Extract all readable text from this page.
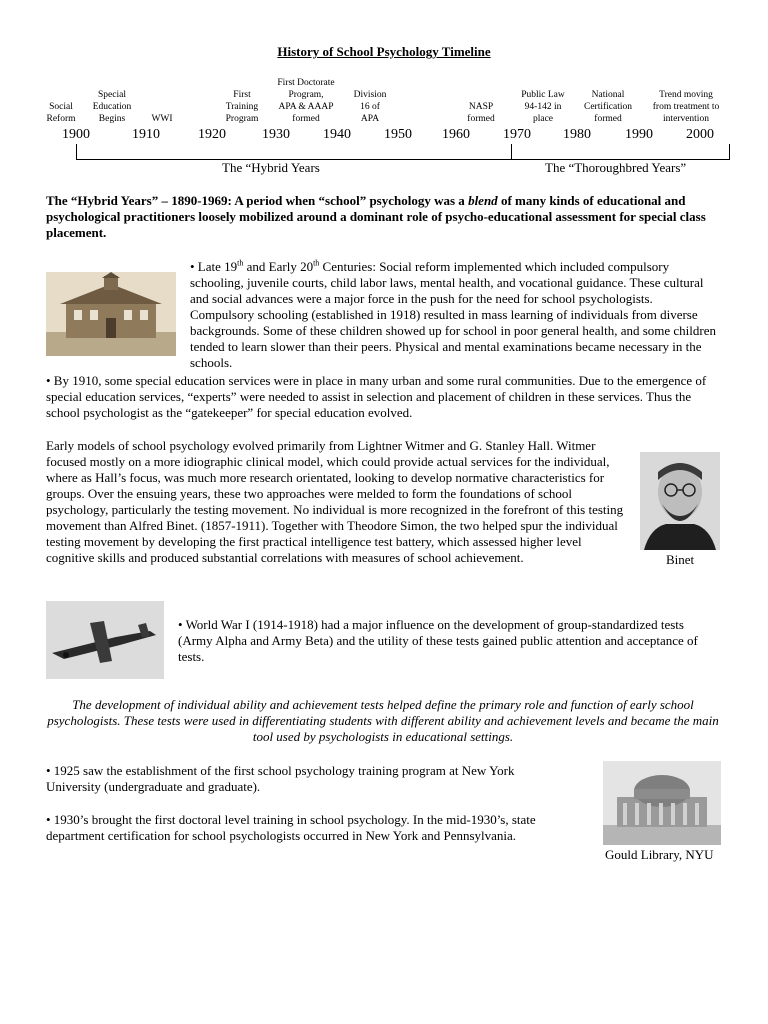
History of School Psychology Timeline
Social
Reform
Special
Education
Begins	WWI
First
Training
Program
First Doctorate
Program,
APA & AAAP
formed
Division
16 of
APA
NASP
formed
Public Law
94-142 in
place
National
Certification
formed
Trend moving
from treatment to
intervention
1900	1910	1920	1930 1940 1950 1960 1970 1980 1990 2000
The “Hybrid Years	The “Thoroughbred Years”
The “Hybrid Years” – 1890-1969: A period when “school” psychology was a blend of many kinds of educational and psychological practitioners loosely mobilized around a dominant role of psycho-educational assessment for special class placement.
• Late 19th and Early 20th Centuries: Social reform implemented which included compulsory schooling, juvenile courts, child labor laws, mental health, and vocational guidance. These cultural and social advances were a major force in the push for the need for school psychologists. Compulsory schooling (established in 1918) resulted in mass learning of individuals from diverse backgrounds. Some of these children showed up for school in poor general health, and some children tended to learn slower than their peers. Physical and mental examinations became necessary in the schools.
• By 1910, some special education services were in place in many urban and some rural communities. Due to the emergence of special education services, “experts” were needed to assist in selection and placement of children in these services. Thus the school psychologist as the “gatekeeper” for special education evolved.
Early models of school psychology evolved primarily from Lightner Witmer and G. Stanley Hall. Witmer focused mostly on a more idiographic clinical model, which could provide actual services for the individual, where as Hall’s focus, was much more research orientated, looking to develop normative characteristics for groups. Over the ensuing years, these two approaches were melded to form the foundations of school psychology, particularly the testing movement. No individual is more recognized in the forefront of this testing movement than Alfred Binet. (1857-1911). Together with Theodore Simon, the two helped spur the individual testing movement by developing the first practical intelligence test battery, which assessed higher level cognitive skills and produced substantial correlations with measures of school achievement.	Binet
• World War I (1914-1918) had a major influence on the development of group-standardized tests (Army Alpha and Army Beta) and the utility of these tests gained public attention and acceptance of tests.
The development of individual ability and achievement tests helped define the primary role and function of early school psychologists. These tests were used in differentiating students with different ability and achievement levels and became the main tool used by psychologists in educational settings.
• 1925 saw the establishment of the first school psychology training program at New York University (undergraduate and graduate).
• 1930’s brought the first doctoral level training in school psychology. In the mid-1930’s, state department certification for school psychologists occurred in New York and Pennsylvania.
Gould Library, NYU
